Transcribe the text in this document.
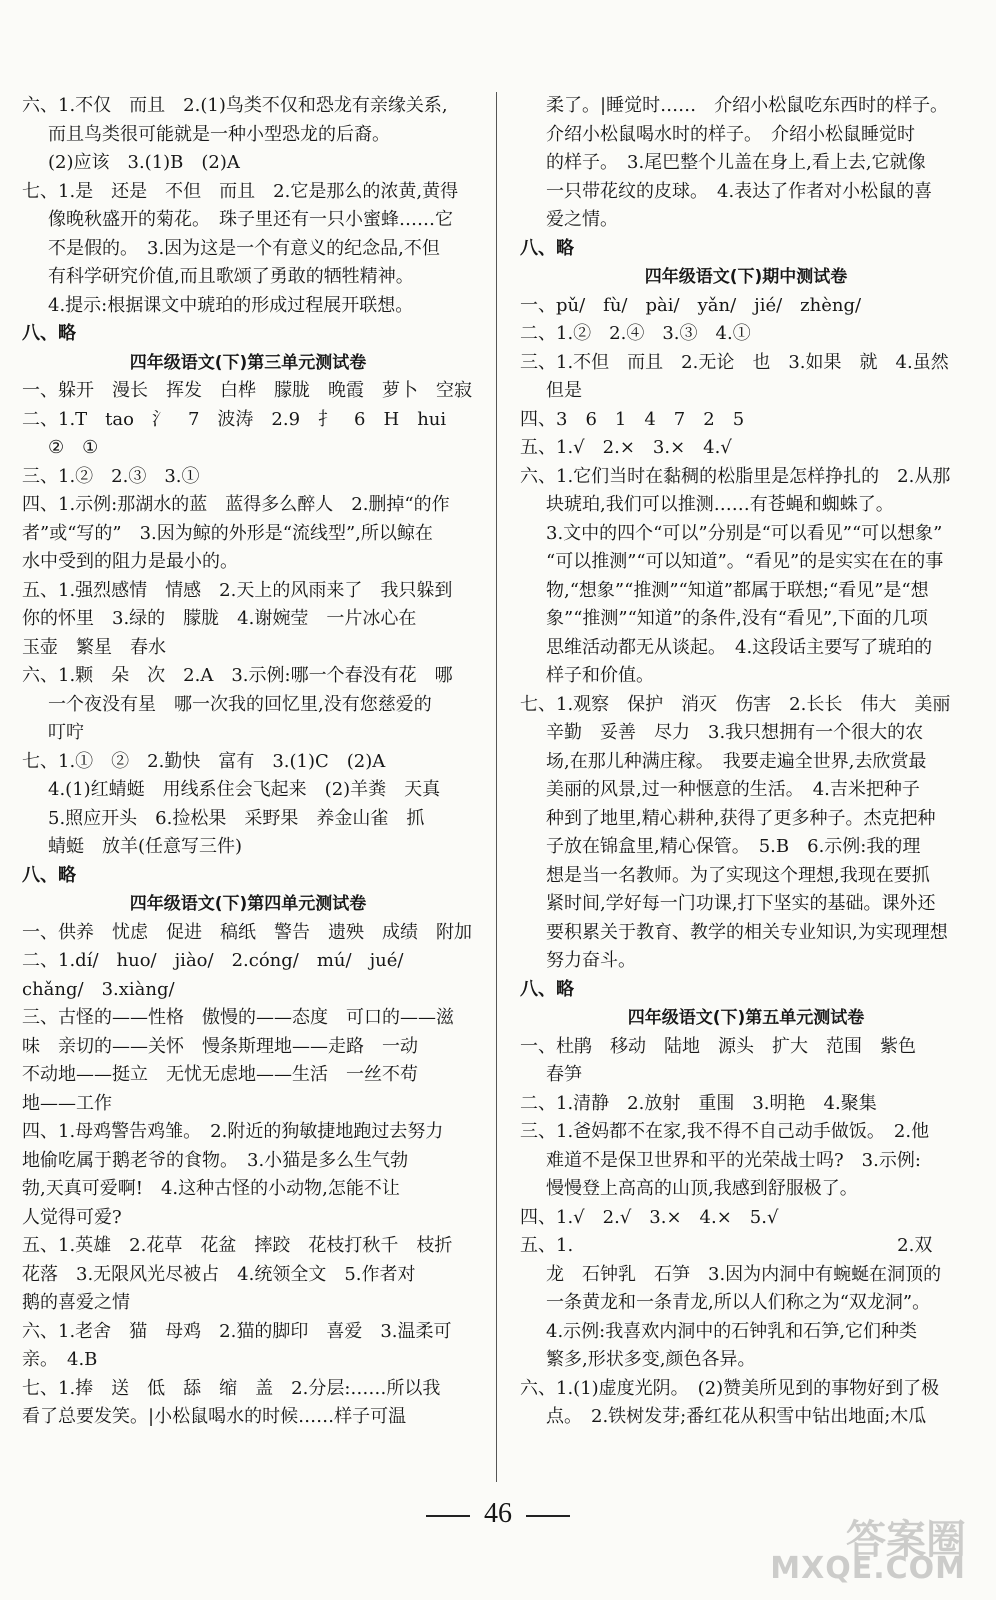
六、1.不仅　而且　2.(1)鸟类不仅和恐龙有亲缘关系,
而且鸟类很可能就是一种小型恐龙的后裔。
(2)应该　3.(1)B　(2)A
七、1.是　还是　不但　而且　2.它是那么的浓黄,黄得
像晚秋盛开的菊花。　珠子里还有一只小蜜蜂……它
不是假的。　3.因为这是一个有意义的纪念品,不但
有科学研究价值,而且歌颂了勇敢的牺牲精神。
4.提示:根据课文中琥珀的形成过程展开联想。
八、略
四年级语文(下)第三单元测试卷
一、躲开　漫长　挥发　白桦　朦胧　晚霞　萝卜　空寂
二、1.T　tao　氵　7　波涛　2.9　扌　6　H　hui
②　①
三、1.②　2.③　3.①
四、1.示例:那湖水的蓝　蓝得多么醉人　2.删掉“的作
者”或“写的”　3.因为鲸的外形是“流线型”,所以鲸在
水中受到的阻力是最小的。
五、1.强烈感情　情感　2.天上的风雨来了　我只躲到
你的怀里　3.绿的　朦胧　4.谢婉莹　一片冰心在
玉壶　繁星　春水
六、1.颗　朵　次　2.A　3.示例:哪一个春没有花　哪
一个夜没有星　哪一次我的回忆里,没有您慈爱的
叮咛
七、1.①　②　2.勤快　富有　3.(1)C　(2)A
4.(1)红蜻蜓　用线系住会飞起来　(2)羊粪　天真
5.照应开头　6.捡松果　采野果　养金山雀　抓
蜻蜓　放羊(任意写三件)
八、略
四年级语文(下)第四单元测试卷
一、供养　忧虑　促进　稿纸　警告　遗殃　成绩　附加
二、1.dí/　huo/　jiào/　2.cóng/　mú/　jué/
chǎng/　3.xiàng/
三、古怪的——性格　傲慢的——态度　可口的——滋
味　亲切的——关怀　慢条斯理地——走路　一动
不动地——挺立　无忧无虑地——生活　一丝不苟
地——工作
四、1.母鸡警告鸡雏。　2.附近的狗敏捷地跑过去努力
地偷吃属于鹅老爷的食物。　3.小猫是多么生气勃
勃,天真可爱啊!　4.这种古怪的小动物,怎能不让
人觉得可爱?
五、1.英雄　2.花草　花盆　摔跤　花枝打秋千　枝折
花落　3.无限风光尽被占　4.统领全文　5.作者对
鹅的喜爱之情
六、1.老舍　猫　母鸡　2.猫的脚印　喜爱　3.温柔可
亲。　4.B
七、1.捧　送　低　舔　缩　盖　2.分层:……所以我
看了总要发笑。|小松鼠喝水的时候……样子可温
柔了。|睡觉时……　介绍小松鼠吃东西时的样子。
介绍小松鼠喝水时的样子。　介绍小松鼠睡觉时
的样子。　3.尾巴整个儿盖在身上,看上去,它就像
一只带花纹的皮球。　4.表达了作者对小松鼠的喜
爱之情。
八、略
四年级语文(下)期中测试卷
一、pǔ/　fù/　pài/　yǎn/　jié/　zhèng/
二、1.②　2.④　3.③　4.①
三、1.不但　而且　2.无论　也　3.如果　就　4.虽然
但是
四、3　6　1　4　7　2　5
五、1.√　2.×　3.×　4.√
六、1.它们当时在黏稠的松脂里是怎样挣扎的　2.从那
块琥珀,我们可以推测……有苍蝇和蜘蛛了。
3.文中的四个“可以”分别是“可以看见”“可以想象”
“可以推测”“可以知道”。“看见”的是实实在在的事
物,“想象”“推测”“知道”都属于联想;“看见”是“想
象”“推测”“知道”的条件,没有“看见”,下面的几项
思维活动都无从谈起。　4.这段话主要写了琥珀的
样子和价值。
七、1.观察　保护　消灭　伤害　2.长长　伟大　美丽
辛勤　妥善　尽力　3.我只想拥有一个很大的农
场,在那儿种满庄稼。　我要走遍全世界,去欣赏最
美丽的风景,过一种惬意的生活。　4.吉米把种子
种到了地里,精心耕种,获得了更多种子。杰克把种
子放在锦盒里,精心保管。　5.B　6.示例:我的理
想是当一名教师。为了实现这个理想,我现在要抓
紧时间,学好每一门功课,打下坚实的基础。课外还
要积累关于教育、教学的相关专业知识,为实现理想
努力奋斗。
八、略
四年级语文(下)第五单元测试卷
一、杜鹃　移动　陆地　源头　扩大　范围　紫色
春笋
二、1.清静　2.放射　重围　3.明艳　4.聚集
三、1.爸妈都不在家,我不得不自己动手做饭。　2.他
难道不是保卫世界和平的光荣战士吗?　3.示例:
慢慢登上高高的山顶,我感到舒服极了。
四、1.√　2.√　3.×　4.×　5.√
五、1.　　　　　　　　　　　　　　　　　　2.双
龙　石钟乳　石笋　3.因为内洞中有蜿蜒在洞顶的
一条黄龙和一条青龙,所以人们称之为“双龙洞”。
4.示例:我喜欢内洞中的石钟乳和石笋,它们种类
繁多,形状多变,颜色各异。
六、1.(1)虚度光阴。　(2)赞美所见到的事物好到了极
点。　2.铁树发芽;番红花从积雪中钻出地面;木瓜
46
答案圈
MXQE.COM
